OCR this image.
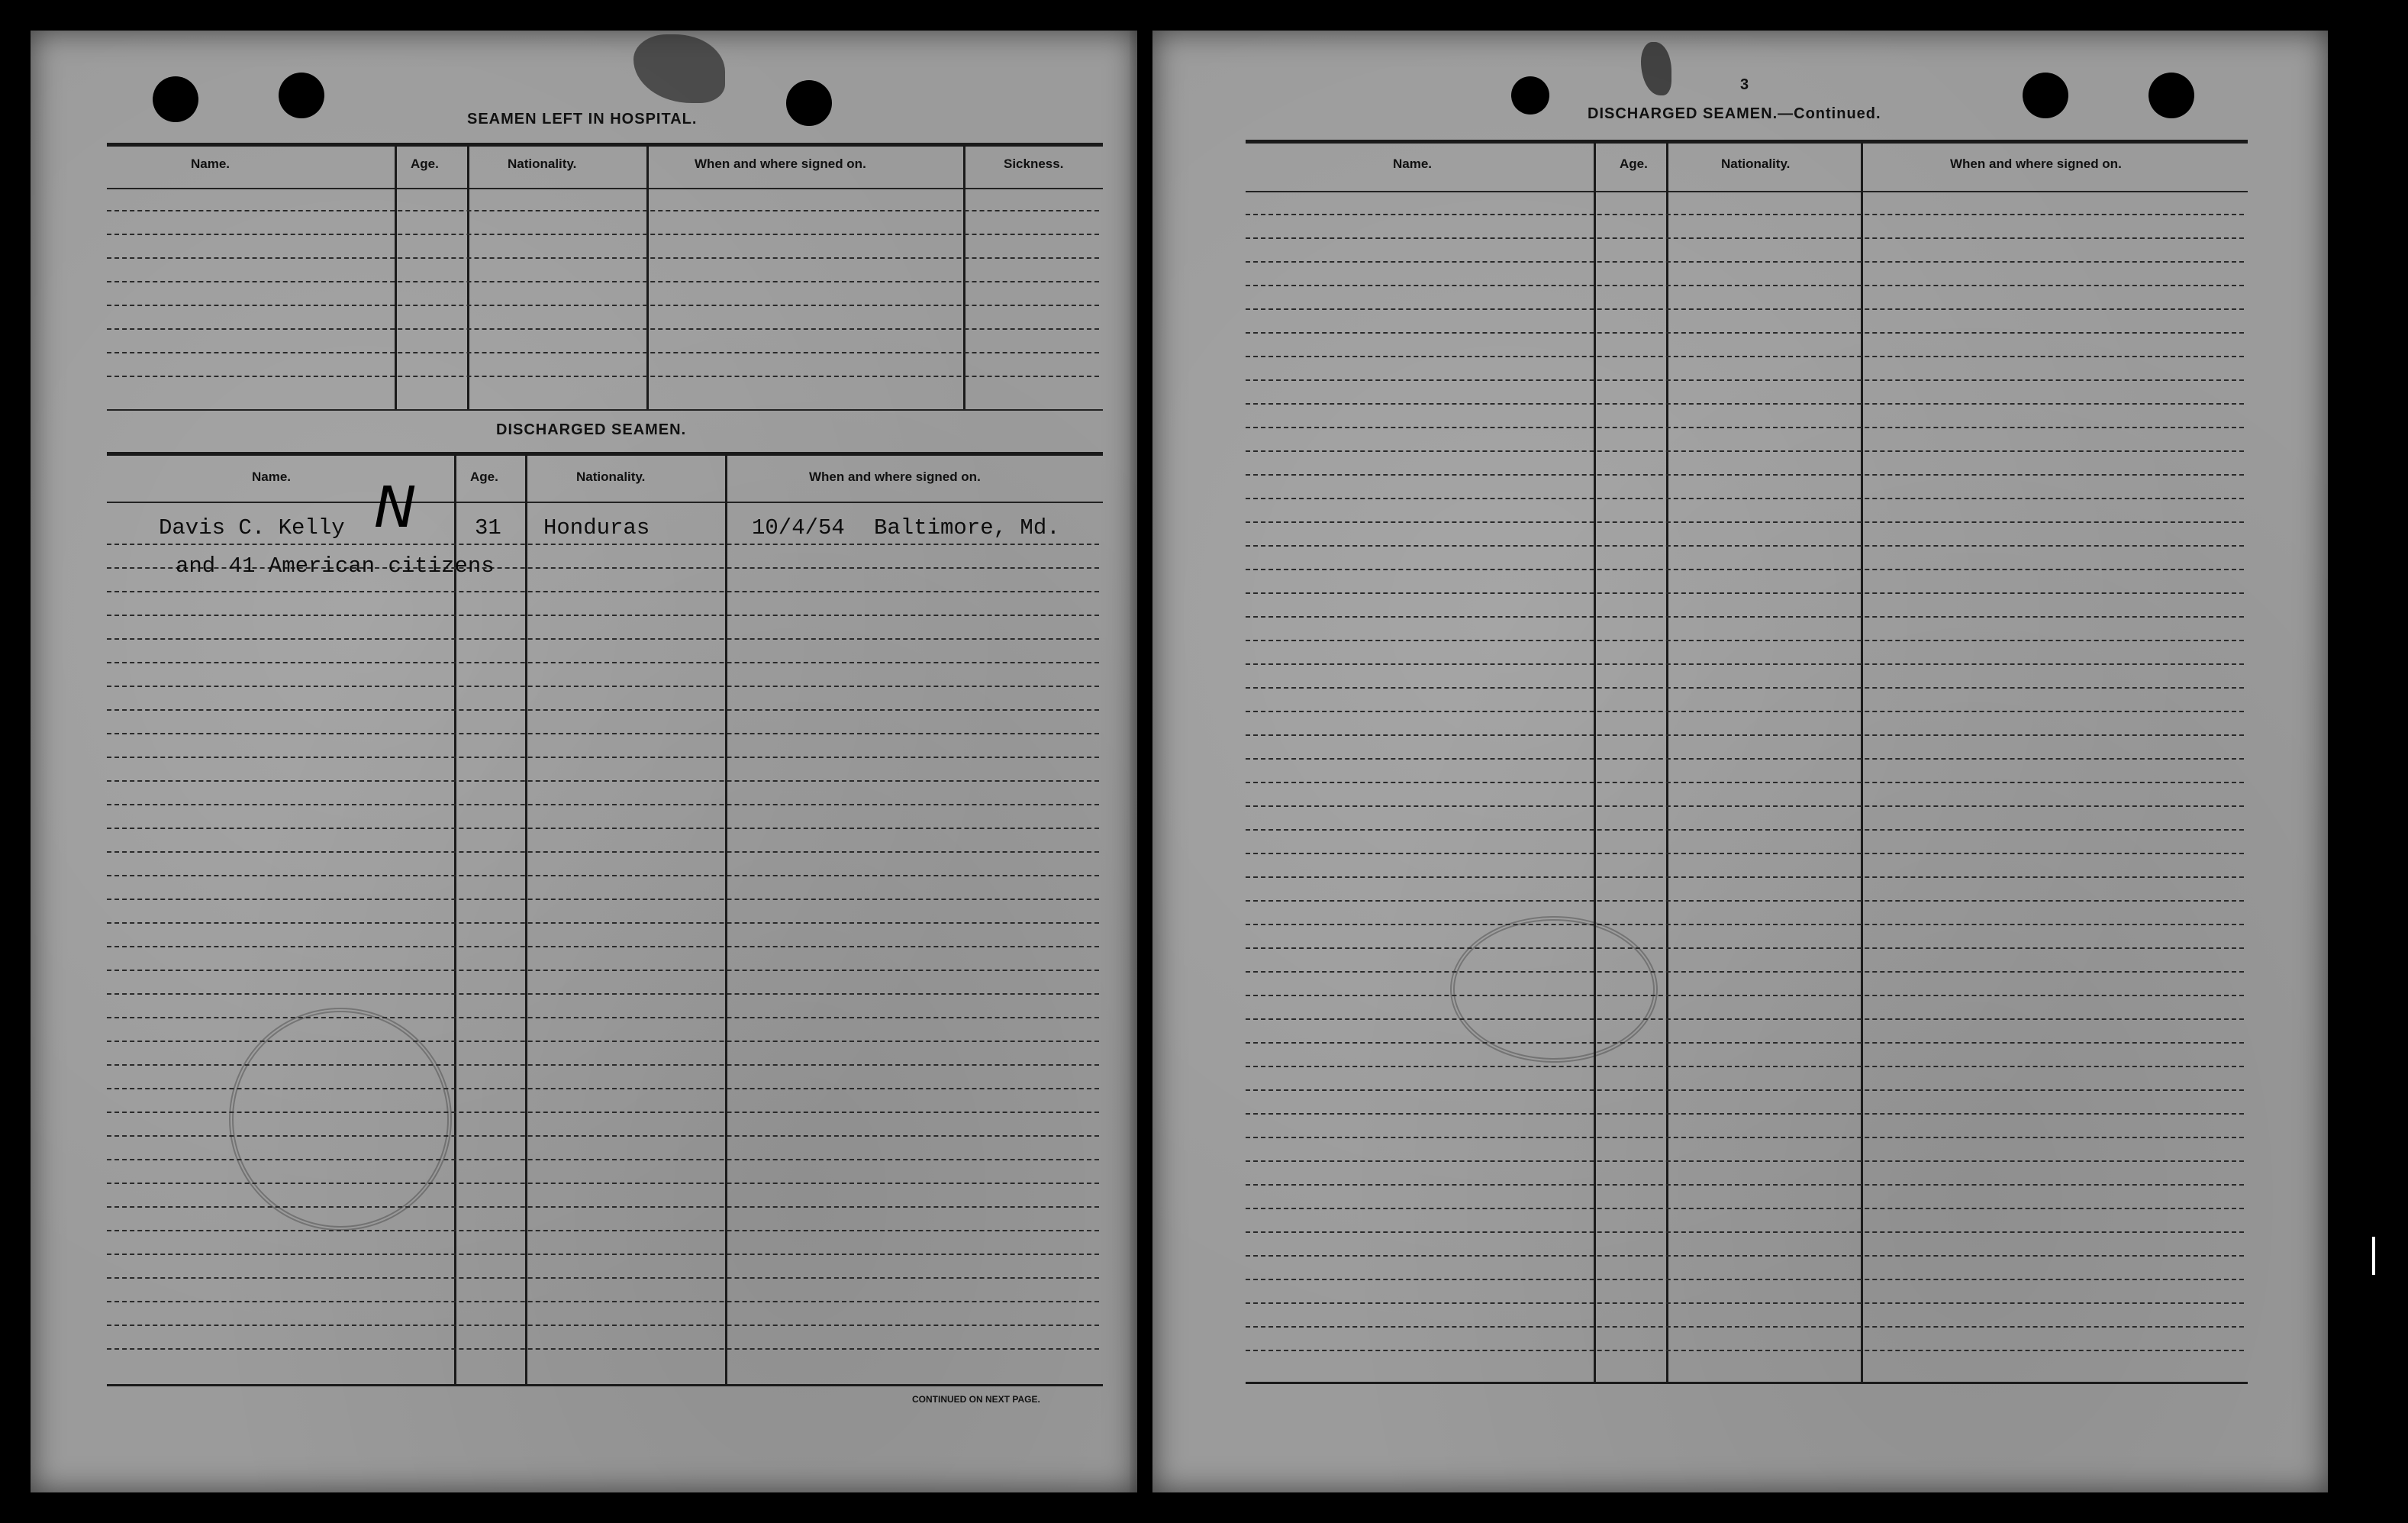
SEAMEN LEFT IN HOSPITAL.
Name.	Age.	Nationality.	When and where signed on.	Sickness.
DISCHARGED SEAMEN.
Name.	Age.	Nationality.	When and where signed on.
Davis C. Kelly N	31 Honduras	10/4/54 Baltimore, Md.
and 41 American citizens
CONTINUED ON NEXT PAGE.
3
DISCHARGED SEAMEN.—Continued.
Name.	Age.	Nationality.	When and where signed on.
